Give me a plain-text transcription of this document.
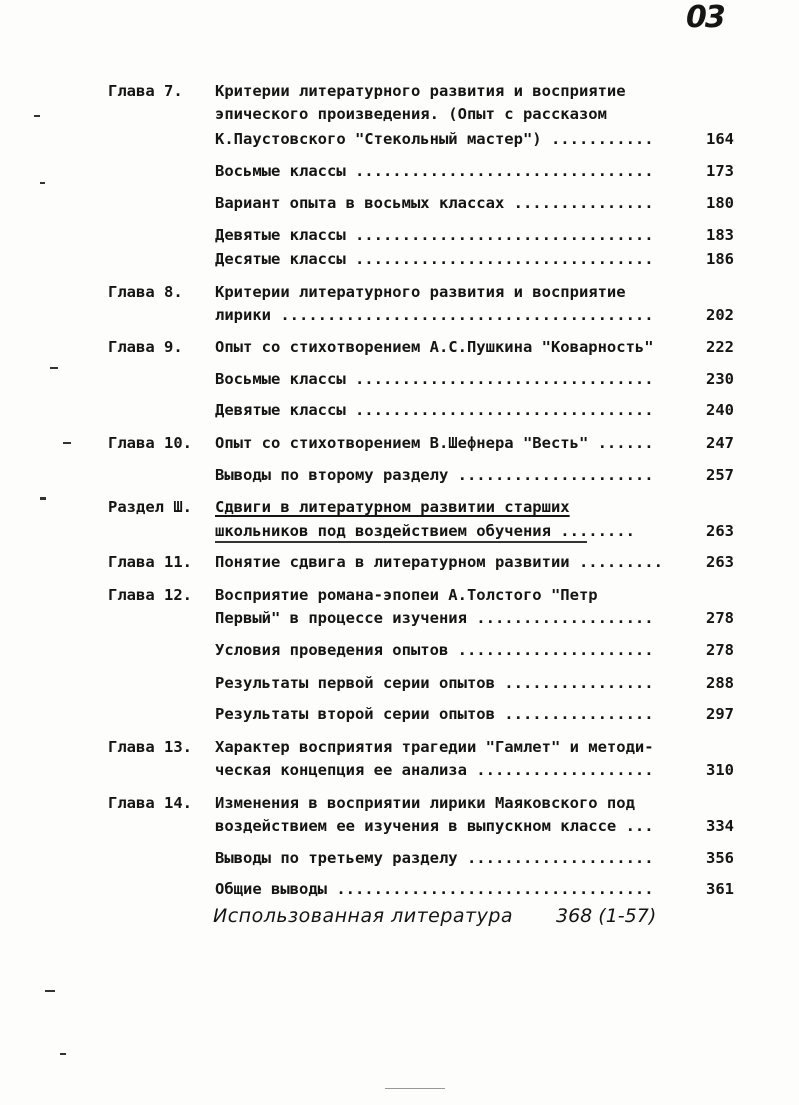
03
Глава 7.	Критерии литературного развития и восприятие
эпического произведения. (Опыт с рассказом
К.Паустовского "Стекольный мастер") ...........	164
Восьмые классы ................................	173
Вариант опыта в восьмых классах ...............	180
Девятые классы ................................	183
Десятые классы ................................	186
Глава 8.	Критерии литературного развития и восприятие
лирики ........................................	202
Глава 9.	Опыт со стихотворением А.С.Пушкина "Коварность"	222
Восьмые классы ................................	230
Девятые классы ................................	240
Глава 10.	Опыт со стихотворением В.Шефнера "Весть" ......	247
Выводы по второму разделу .....................	257
Раздел Ш.	Сдвиги в литературном развитии старших
школьников под воздействием обучения ........	263
Глава 11.	Понятие сдвига в литературном развитии .........	263
Глава 12.	Восприятие романа-эпопеи А.Толстого "Петр
Первый" в процессе изучения ...................	278
Условия проведения опытов .....................	278
Результаты первой серии опытов ................	288
Результаты второй серии опытов ................	297
Глава 13.	Характер восприятия трагедии "Гамлет" и методи-
ческая концепция ее анализа ...................	310
Глава 14.	Изменения в восприятии лирики Маяковского под
воздействием ее изучения в выпускном классе ...	334
Выводы по третьему разделу ....................	356
Общие выводы ..................................	361
Использованная литература 368 (1-57)
